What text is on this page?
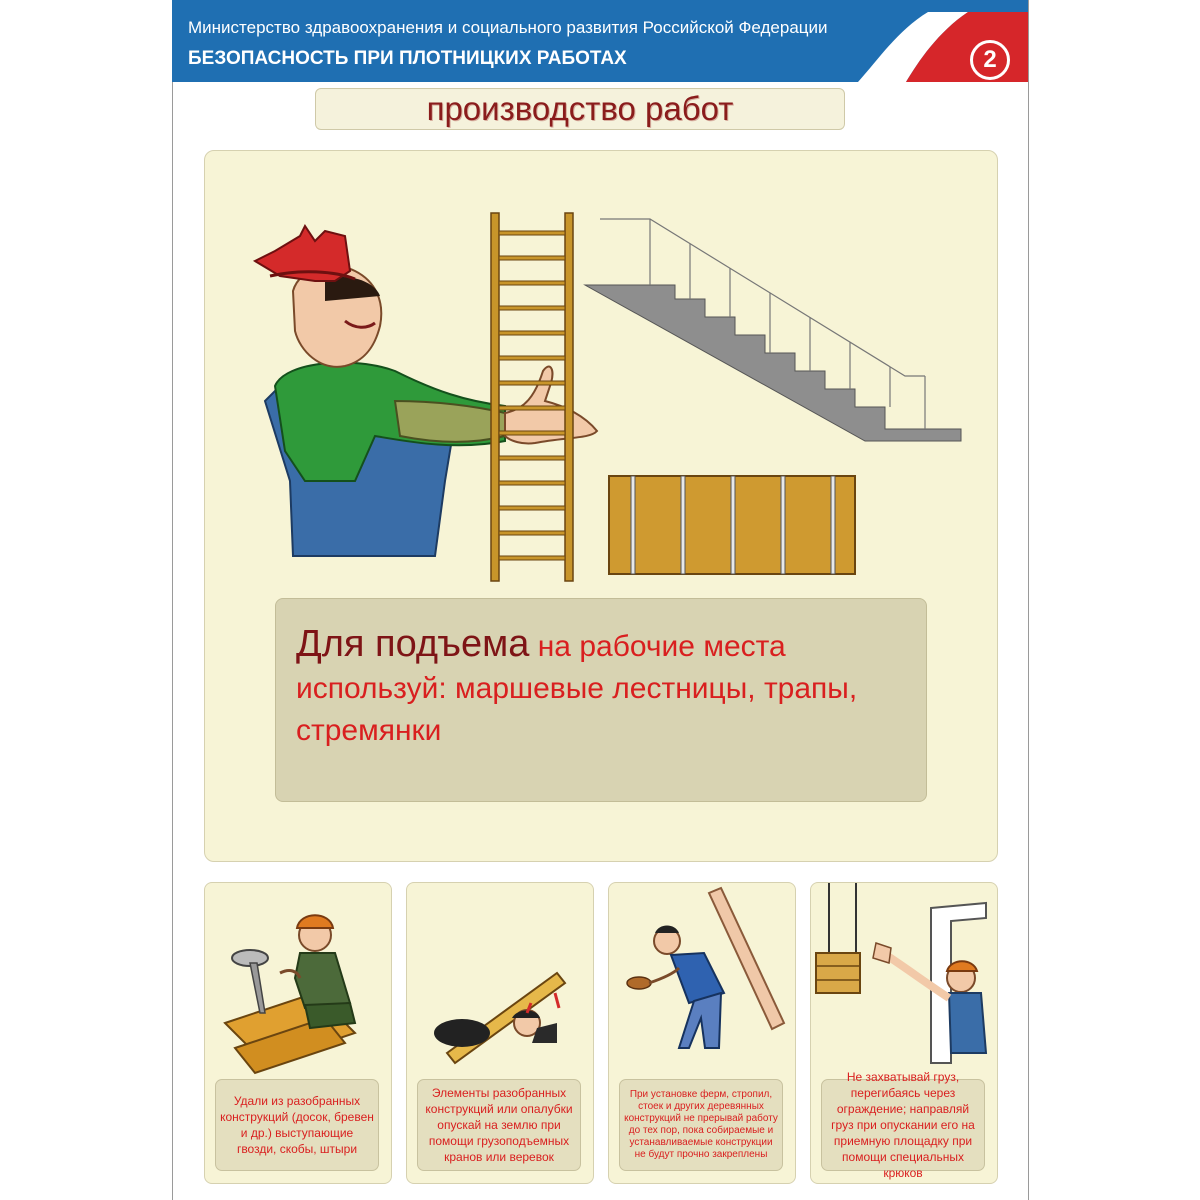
Министерство здравоохранения и социального развития Российской Федерации
БЕЗОПАСНОСТЬ ПРИ ПЛОТНИЦКИХ РАБОТАХ	2
производство работ
Для подъема на рабочие места используй: маршевые лестницы, трапы, стремянки
Удали из разобранных конструкций (досок, бревен и др.) выступающие гвозди, скобы, штыри
Элементы разобранных конструкций или опалубки опускай на землю при помощи грузоподъемных кранов или веревок
При установке ферм, стропил, стоек и других деревянных конструкций не прерывай работу до тех пор, пока собираемые и устанавливаемые конструкции не будут прочно закреплены
Не захватывай груз, перегибаясь через ограждение; направляй груз при опускании его на приемную площадку при помощи специальных крюков
